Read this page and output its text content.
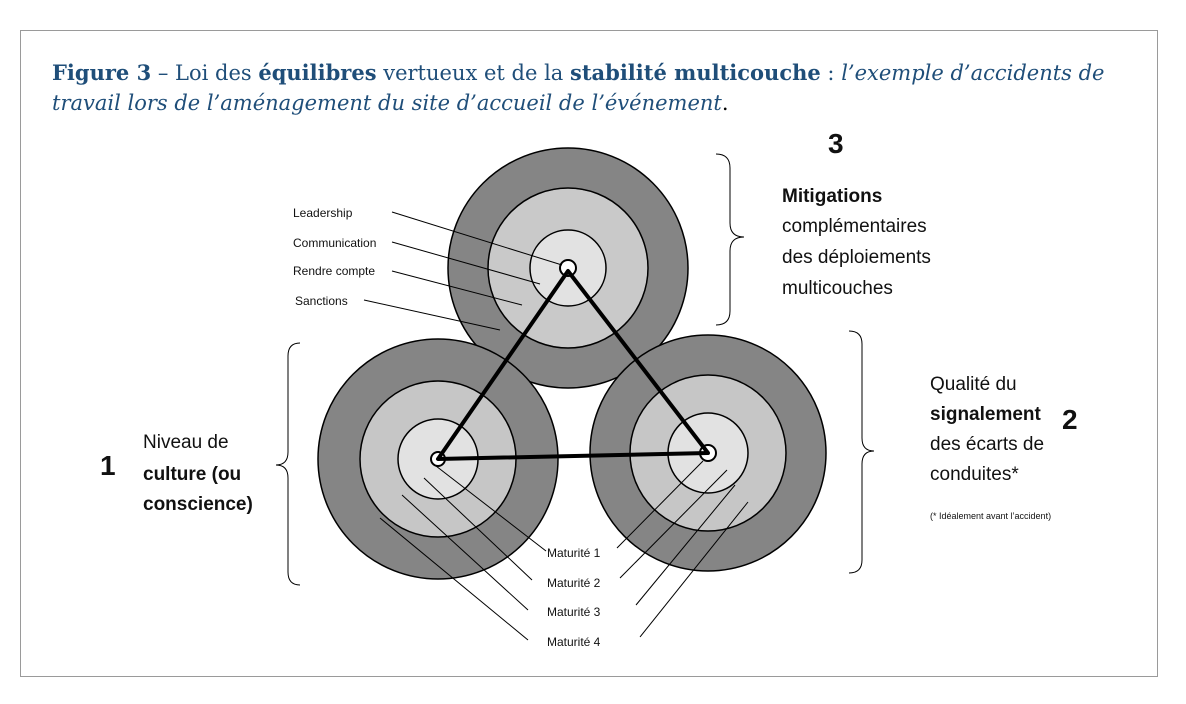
Figure 3 – Loi des équilibres vertueux et de la stabilité multicouche : l’exemple d’accidents de travail lors de l’aménagement du site d’accueil de l’événement.
Leadership
Communication
Rendre compte
Sanctions
Maturité 1
Maturité 2
Maturité 3
Maturité 4
1
Niveau de
culture (ou
conscience)
2
Qualité du
signalement
des écarts de
conduites*
(* Idéalement avant l’accident)
3
Mitigations
complémentaires
des déploiements
multicouches
